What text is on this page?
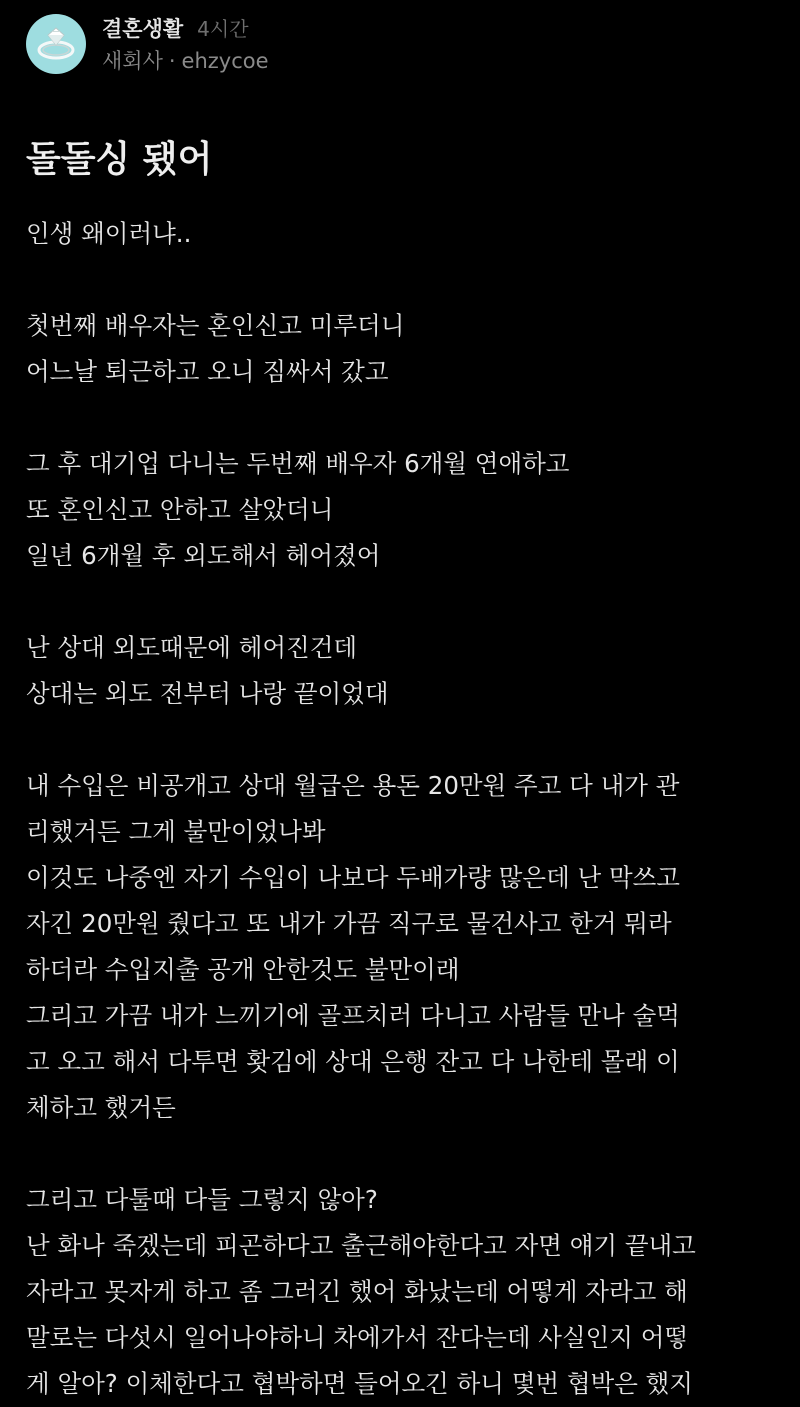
결혼생활 4시간
새회사 · ehzycoe
돌돌싱 됐어
인생 왜이러냐..
첫번째 배우자는 혼인신고 미루더니
어느날 퇴근하고 오니 짐싸서 갔고
그 후 대기업 다니는 두번째 배우자 6개월 연애하고
또 혼인신고 안하고 살았더니
일년 6개월 후 외도해서 헤어졌어
난 상대 외도때문에 헤어진건데
상대는 외도 전부터 나랑 끝이었대
내 수입은 비공개고 상대 월급은 용돈 20만원 주고 다 내가 관
리했거든 그게 불만이었나봐
이것도 나중엔 자기 수입이 나보다 두배가량 많은데 난 막쓰고
자긴 20만원 줬다고 또 내가 가끔 직구로 물건사고 한거 뭐라
하더라 수입지출 공개 안한것도 불만이래
그리고 가끔 내가 느끼기에 골프치러 다니고 사람들 만나 술먹
고 오고 해서 다투면 홧김에 상대 은행 잔고 다 나한테 몰래 이
체하고 했거든
그리고 다툴때 다들 그렇지 않아?
난 화나 죽겠는데 피곤하다고 출근해야한다고 자면 얘기 끝내고
자라고 못자게 하고 좀 그러긴 했어 화났는데 어떻게 자라고 해
말로는 다섯시 일어나야하니 차에가서 잔다는데 사실인지 어떻
게 알아? 이체한다고 협박하면 들어오긴 하니 몇번 협박은 했지
